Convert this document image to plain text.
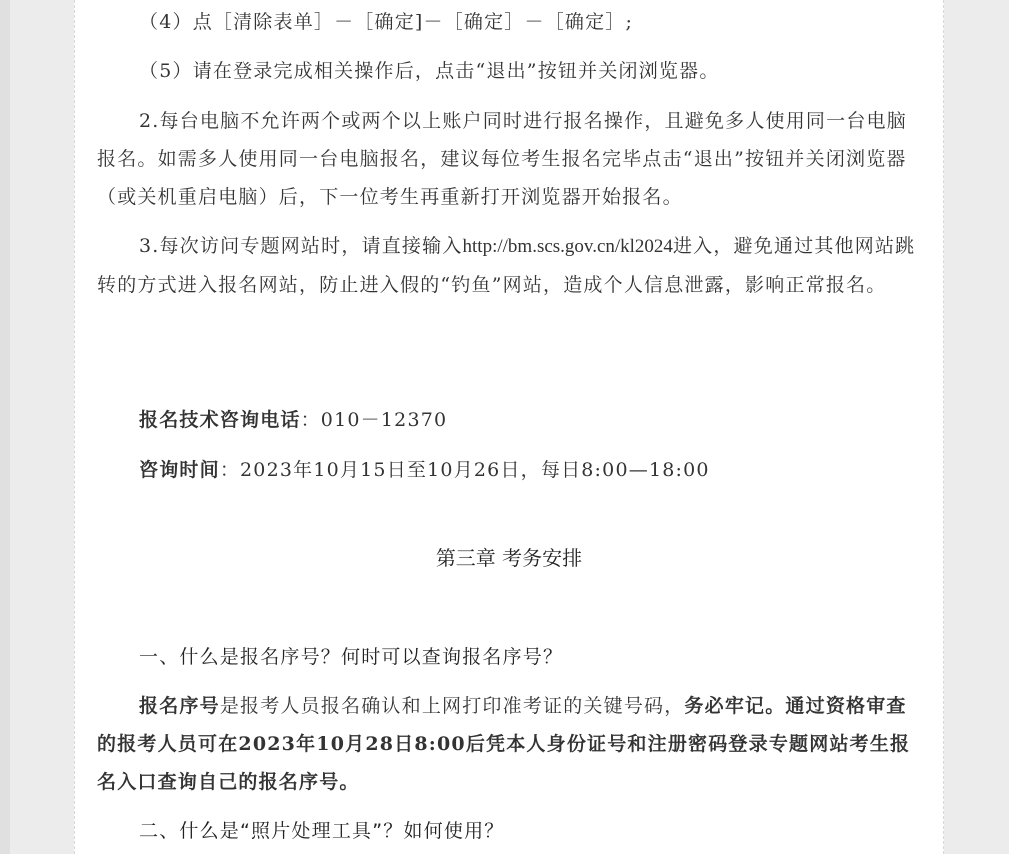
（4）点［清除表单］－［确定]－［确定］－［确定］;

（5）请在登录完成相关操作后，点击“退出”按钮并关闭浏览器。

2.每台电脑不允许两个或两个以上账户同时进行报名操作，且避免多人使用同一台电脑报名。如需多人使用同一台电脑报名，建议每位考生报名完毕点击“退出”按钮并关闭浏览器（或关机重启电脑）后，下一位考生再重新打开浏览器开始报名。

3.每次访问专题网站时，请直接输入http://bm.scs.gov.cn/kl2024进入，避免通过其他网站跳转的方式进入报名网站，防止进入假的“钓鱼”网站，造成个人信息泄露，影响正常报名。

报名技术咨询电话：010－12370

咨询时间：2023年10月15日至10月26日，每日8:00—18:00

第三章 考务安排

一、什么是报名序号？何时可以查询报名序号？

报名序号是报考人员报名确认和上网打印准考证的关键号码，务必牢记。通过资格审查的报考人员可在2023年10月28日8:00后凭本人身份证号和注册密码登录专题网站考生报名入口查询自己的报名序号。

二、什么是“照片处理工具”？如何使用？
